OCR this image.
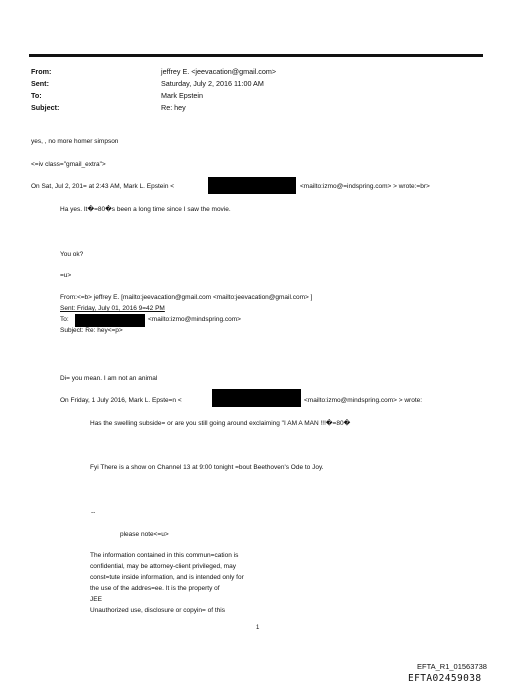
From:	jeffrey E. <jeevacation@gmail.com>
Sent:	Saturday, July 2, 2016 11:00 AM
To:	Mark Epstein
Subject:	Re: hey
yes, , no more homer simpson
<=iv class="gmail_extra">
On Sat, Jul 2, 201= at 2:43 AM, Mark L. Epstein <	<mailto:izmo@=indspring.com> > wrote:=br>
Ha yes. It�=80�s been a long time since I saw the movie.
You ok?
=u>
From:<=b> jeffrey E. [mailto:jeevacation@gmail.com <mailto:jeevacation@gmail.com> ]
Sent: Friday, July 01, 2016 9=42 PM
To:	<mailto:izmo@mindspring.com>
Subject: Re: hey<=p>
Di= you mean. I am not an animal
On Friday, 1 July 2016, Mark L. Epste=n <	<mailto:izmo@mindspring.com> > wrote:
Has the swelling subside= or are you still going around exclaiming "I AM A MAN !!!�=80�
Fyi There is a show on Channel 13 at 9:00 tonight =bout Beethoven's Ode to Joy.
--
please note<=u>
The information contained in this commun=cation is
confidential, may be attorney-client privileged, may
const=tute inside information, and is intended only for
the use of the addres=ee. It is the property of
JEE
Unauthorized use, disclosure or copyin= of this
1
EFTA_R1_01563738
EFTA02459038
